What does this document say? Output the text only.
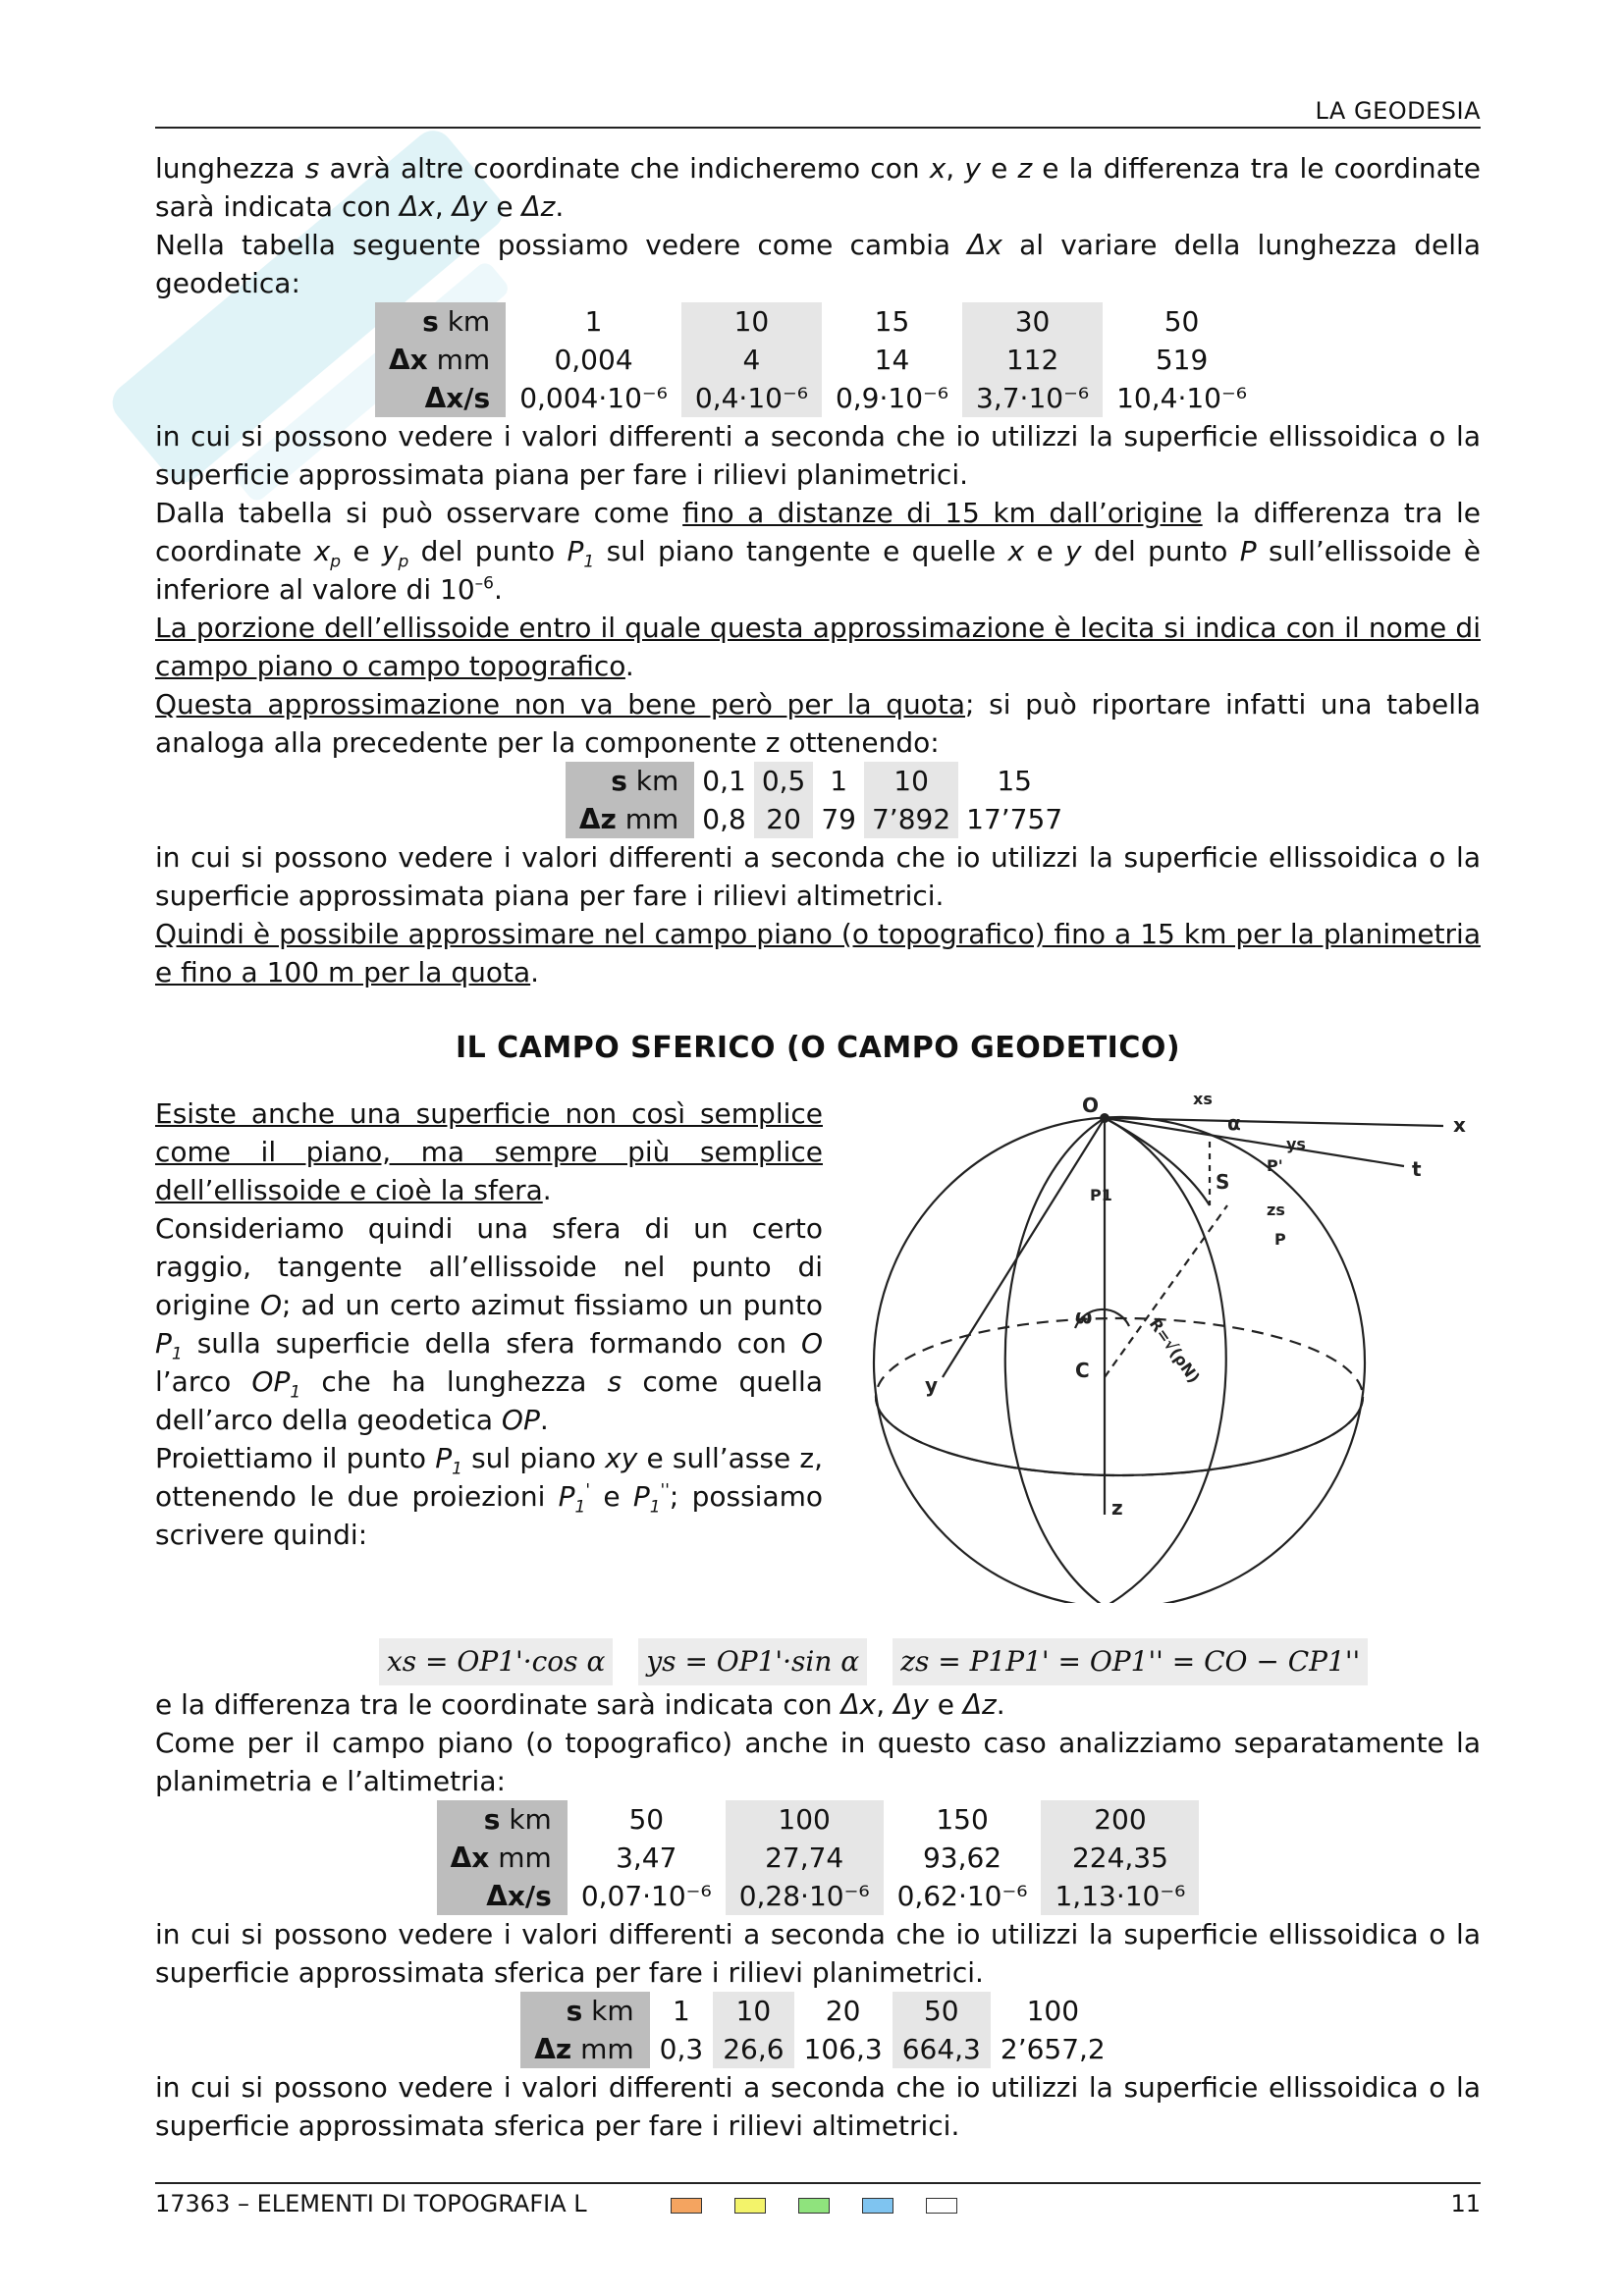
LA GEODESIA

lunghezza s avrà altre coordinate che indicheremo con x, y e z e la differenza tra le coordinate sarà indicata con Δx, Δy e Δz.

Nella tabella seguente possiamo vedere come cambia Δx al variare della lunghezza della geodetica:

s km	1	10	15	30	50
Δx mm	0,004	4	14	112	519
Δx/s	0,004·10⁻⁶	0,4·10⁻⁶	0,9·10⁻⁶	3,7·10⁻⁶	10,4·10⁻⁶

in cui si possono vedere i valori differenti a seconda che io utilizzi la superficie ellissoidica o la superficie approssimata piana per fare i rilievi planimetrici.

Dalla tabella si può osservare come fino a distanze di 15 km dall’origine la differenza tra le coordinate $x_p$ e $y_p$ del punto $P_1$ sul piano tangente e quelle x e y del punto P sull’ellissoide è inferiore al valore di $10^{-6}$.

La porzione dell’ellissoide entro il quale questa approssimazione è lecita si indica con il nome di campo piano o campo topografico.

Questa approssimazione non va bene però per la quota; si può riportare infatti una tabella analoga alla precedente per la componente z ottenendo:

s km	0,1	0,5	1	10	15
Δz mm	0,8	20	79	7’892	17’757

in cui si possono vedere i valori differenti a seconda che io utilizzi la superficie ellissoidica o la superficie approssimata piana per fare i rilievi altimetrici.

Quindi è possibile approssimare nel campo piano (o topografico) fino a 15 km per la planimetria e fino a 100 m per la quota.

IL CAMPO SFERICO (O CAMPO GEODETICO)

Esiste anche una superficie non così semplice come il piano, ma sempre più semplice dell’ellissoide e cioè la sfera.

Consideriamo quindi una sfera di un certo raggio, tangente all’ellissoide nel punto di origine O; ad un certo azimut fissiamo un punto $P_1$ sulla superficie della sfera formando con O l’arco $OP_1$ che ha lunghezza s come quella dell’arco della geodetica OP.

Proiettiamo il punto $P_1$ sul piano xy e sull’asse z, ottenendo le due proiezioni $P_1'$ e $P_1''$; possiamo scrivere quindi:

O	xs
x
α
ys
P'	t
S
zs
P1
P
ω	R=√(ρN)
C
y
z
xs = OP1'·cos α ys = OP1'·sin α zs = P1P1' = OP1'' = CO − CP1''

e la differenza tra le coordinate sarà indicata con Δx, Δy e Δz.

Come per il campo piano (o topografico) anche in questo caso analizziamo separatamente la planimetria e l’altimetria:

s km	50	100	150	200
Δx mm	3,47	27,74	93,62	224,35
Δx/s	0,07·10⁻⁶	0,28·10⁻⁶	0,62·10⁻⁶	1,13·10⁻⁶

in cui si possono vedere i valori differenti a seconda che io utilizzi la superficie ellissoidica o la superficie approssimata sferica per fare i rilievi planimetrici.

s km	1	10	20	50	100
Δz mm	0,3	26,6	106,3	664,3	2’657,2

in cui si possono vedere i valori differenti a seconda che io utilizzi la superficie ellissoidica o la superficie approssimata sferica per fare i rilievi altimetrici.

17363 – ELEMENTI DI TOPOGRAFIA L	11
